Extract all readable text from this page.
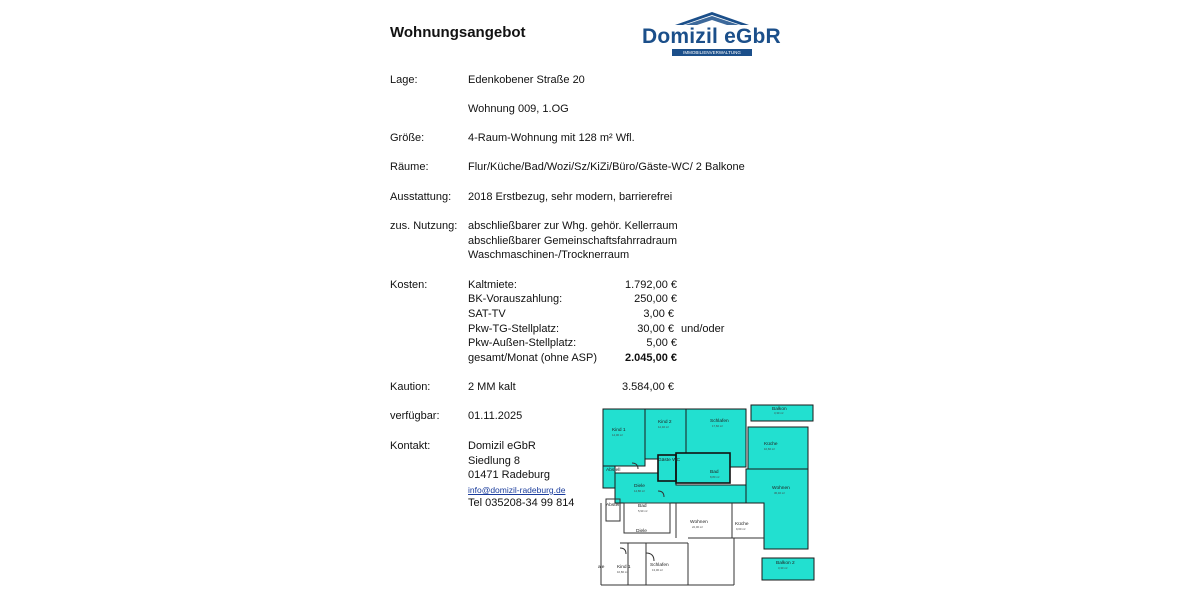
Wohnungsangebot	Domizil eGbR
IMMOBILIENVERWALTUNG
Lage:	Edenkobener Straße 20
Wohnung 009, 1.OG
Größe:	4-Raum-Wohnung mit 128 m² Wfl.
Räume:	Flur/Küche/Bad/Wozi/Sz/KiZi/Büro/Gäste-WC/ 2 Balkone
Ausstattung: 2018 Erstbezug, sehr modern, barrierefrei
zus. Nutzung: abschließbarer zur Whg. gehör. Kellerraum
abschließbarer Gemeinschaftsfahrradraum
Waschmaschinen-/Trocknerraum
Kosten:	Kaltmiete:	1.792,00 €
BK-Vorauszahlung:	250,00 €
SAT-TV	3,00 €
Pkw-TG-Stellplatz:	30,00 € und/oder
Pkw-Außen-Stellplatz:	5,00 €
gesamt/Monat (ohne ASP)	2.045,00 €
Kaution:	2 MM kalt	3.584,00 €
verfügbar:	01.11.2025
Kontakt:	Domizil eGbR
Siedlung 8
01471 Radeburg
info@domizil-radeburg.de
Tel 035208-34 99 814
Kind 1
14,00 m²
Kind 2
12,40 m²
Schlafen
17,60 m²
Balkon
3,30 m²
Küche
10,60 m²
Abstell
Gäste WC
Bad
8,80 m²
Diele
14,80 m²	Wohnen
36,40 m²
Balkon 2
3,30 m²
Abstell	Bad
5,90 m²
Diele
Wohnen
22,00 m²	Küche
9,60 m²
Kind 1
10,80 m²
Schlafen
13,00 m²
ale
